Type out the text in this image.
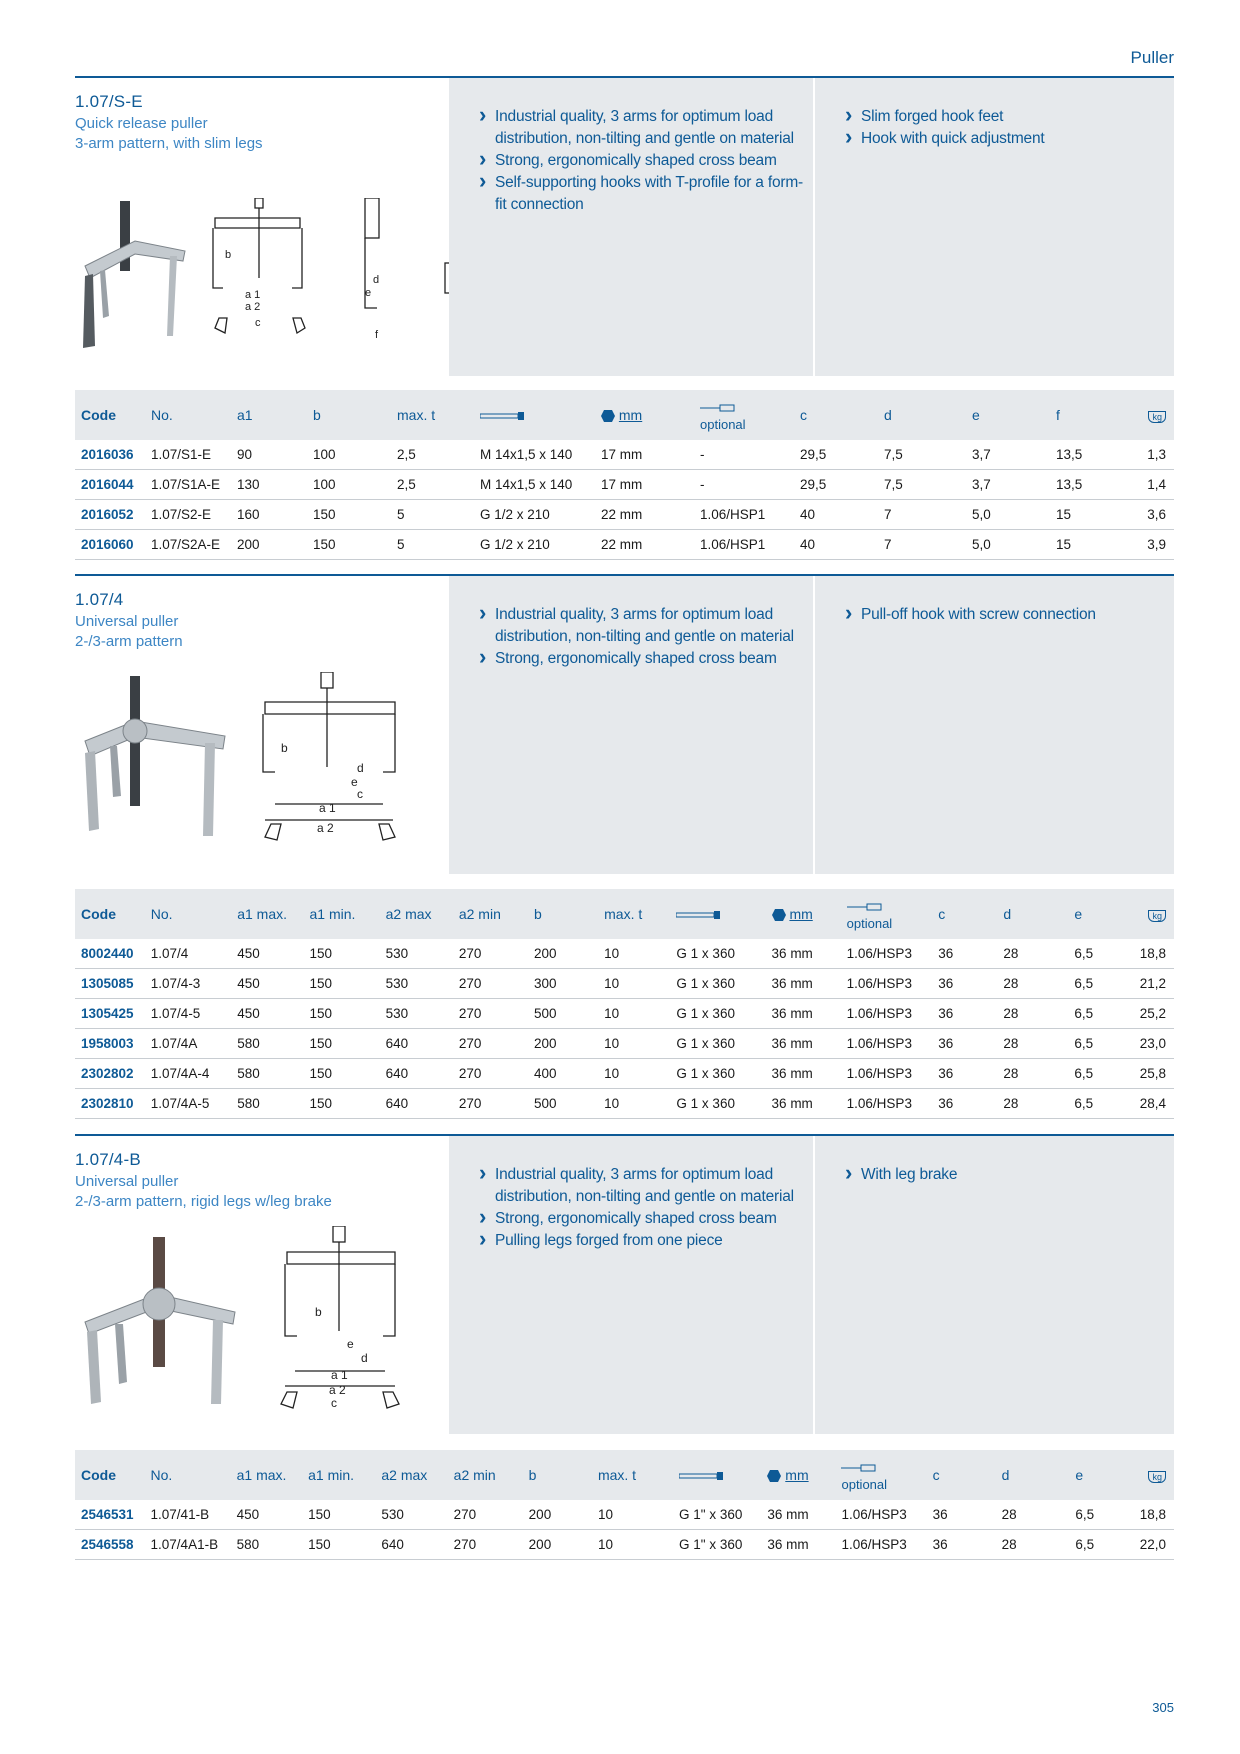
Puller
1.07/S-E
Quick release puller
3-arm pattern, with slim legs
b
a 1
a 2
c
d
e
f
› Industrial quality, 3 arms for optimum load distribution, non-tilting and gentle on material
› Strong, ergonomically shaped cross beam
› Self-supporting hooks with T-profile for a form-fit connection
› Slim forged hook feet
› Hook with quick adjustment
Code	No.	a1	b	max. t		mm	optional	c	d	e	f	kg
2016036	1.07/S1-E	90	100	2,5	M 14x1,5 x 140	17 mm	-	29,5	7,5	3,7	13,5	1,3
2016044	1.07/S1A-E	130	100	2,5	M 14x1,5 x 140	17 mm	-	29,5	7,5	3,7	13,5	1,4
2016052	1.07/S2-E	160	150	5	G 1/2 x 210	22 mm	1.06/HSP1	40	7	5,0	15	3,6
2016060	1.07/S2A-E	200	150	5	G 1/2 x 210	22 mm	1.06/HSP1	40	7	5,0	15	3,9
1.07/4
Universal puller
2-/3-arm pattern
b
d
e
c
a 1
a 2
› Industrial quality, 3 arms for optimum load distribution, non-tilting and gentle on material
› Strong, ergonomically shaped cross beam
› Pull-off hook with screw connection
Code	No.	a1 max.	a1 min.	a2 max	a2 min	b	max. t		mm	optional	c	d	e	kg
8002440	1.07/4	450	150	530	270	200	10	G 1 x 360	36 mm	1.06/HSP3	36	28	6,5	18,8
1305085	1.07/4-3	450	150	530	270	300	10	G 1 x 360	36 mm	1.06/HSP3	36	28	6,5	21,2
1305425	1.07/4-5	450	150	530	270	500	10	G 1 x 360	36 mm	1.06/HSP3	36	28	6,5	25,2
1958003	1.07/4A	580	150	640	270	200	10	G 1 x 360	36 mm	1.06/HSP3	36	28	6,5	23,0
2302802	1.07/4A-4	580	150	640	270	400	10	G 1 x 360	36 mm	1.06/HSP3	36	28	6,5	25,8
2302810	1.07/4A-5	580	150	640	270	500	10	G 1 x 360	36 mm	1.06/HSP3	36	28	6,5	28,4
1.07/4-B
Universal puller
2-/3-arm pattern, rigid legs w/leg brake
b
e
d
a 1
a 2
c
› Industrial quality, 3 arms for optimum load distribution, non-tilting and gentle on material
› Strong, ergonomically shaped cross beam
› Pulling legs forged from one piece
› With leg brake
Code	No.	a1 max.	a1 min.	a2 max	a2 min	b	max. t		mm	optional	c	d	e	kg
2546531	1.07/41-B	450	150	530	270	200	10	G 1" x 360	36 mm	1.06/HSP3	36	28	6,5	18,8
2546558	1.07/4A1-B	580	150	640	270	200	10	G 1" x 360	36 mm	1.06/HSP3	36	28	6,5	22,0
305
